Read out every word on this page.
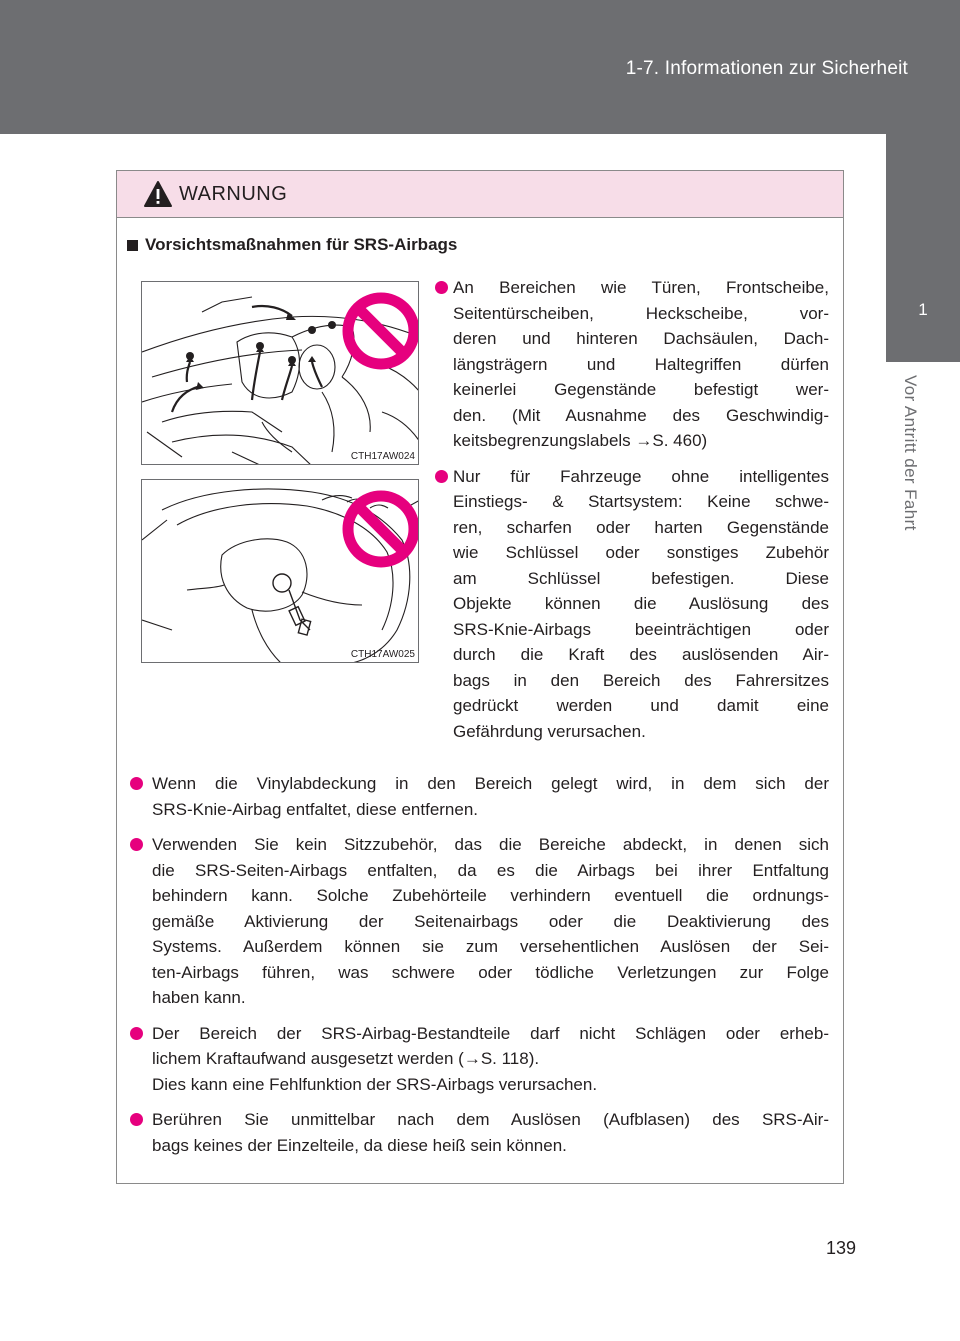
1-7. Informationen zur Sicherheit
1
Vor Antritt der Fahrt
WARNUNG
Vorsichtsmaßnahmen für SRS-Airbags
CTH17AW024
CTH17AW025
An Bereichen wie Türen, Frontscheibe,
Seitentürscheiben, Heckscheibe, vor-
deren und hinteren Dachsäulen, Dach-
längsträgern und Haltegriffen dürfen
keinerlei Gegenstände befestigt wer-
den. (Mit Ausnahme des Geschwindig-
keitsbegrenzungslabels →S. 460)
Nur für Fahrzeuge ohne intelligentes
Einstiegs- & Startsystem: Keine schwe-
ren, scharfen oder harten Gegenstände
wie Schlüssel oder sonstiges Zubehör
am Schlüssel befestigen. Diese
Objekte können die Auslösung des
SRS-Knie-Airbags beeinträchtigen oder
durch die Kraft des auslösenden Air-
bags in den Bereich des Fahrersitzes
gedrückt werden und damit eine
Gefährdung verursachen.
Wenn die Vinylabdeckung in den Bereich gelegt wird, in dem sich der
SRS-Knie-Airbag entfaltet, diese entfernen.
Verwenden Sie kein Sitzzubehör, das die Bereiche abdeckt, in denen sich
die SRS-Seiten-Airbags entfalten, da es die Airbags bei ihrer Entfaltung
behindern kann. Solche Zubehörteile verhindern eventuell die ordnungs-
gemäße Aktivierung der Seitenairbags oder die Deaktivierung des
Systems. Außerdem können sie zum versehentlichen Auslösen der Sei-
ten-Airbags führen, was schwere oder tödliche Verletzungen zur Folge
haben kann.
Der Bereich der SRS-Airbag-Bestandteile darf nicht Schlägen oder erheb-
lichem Kraftaufwand ausgesetzt werden (→S. 118).
Dies kann eine Fehlfunktion der SRS-Airbags verursachen.
Berühren Sie unmittelbar nach dem Auslösen (Aufblasen) des SRS-Air-
bags keines der Einzelteile, da diese heiß sein können.
139
